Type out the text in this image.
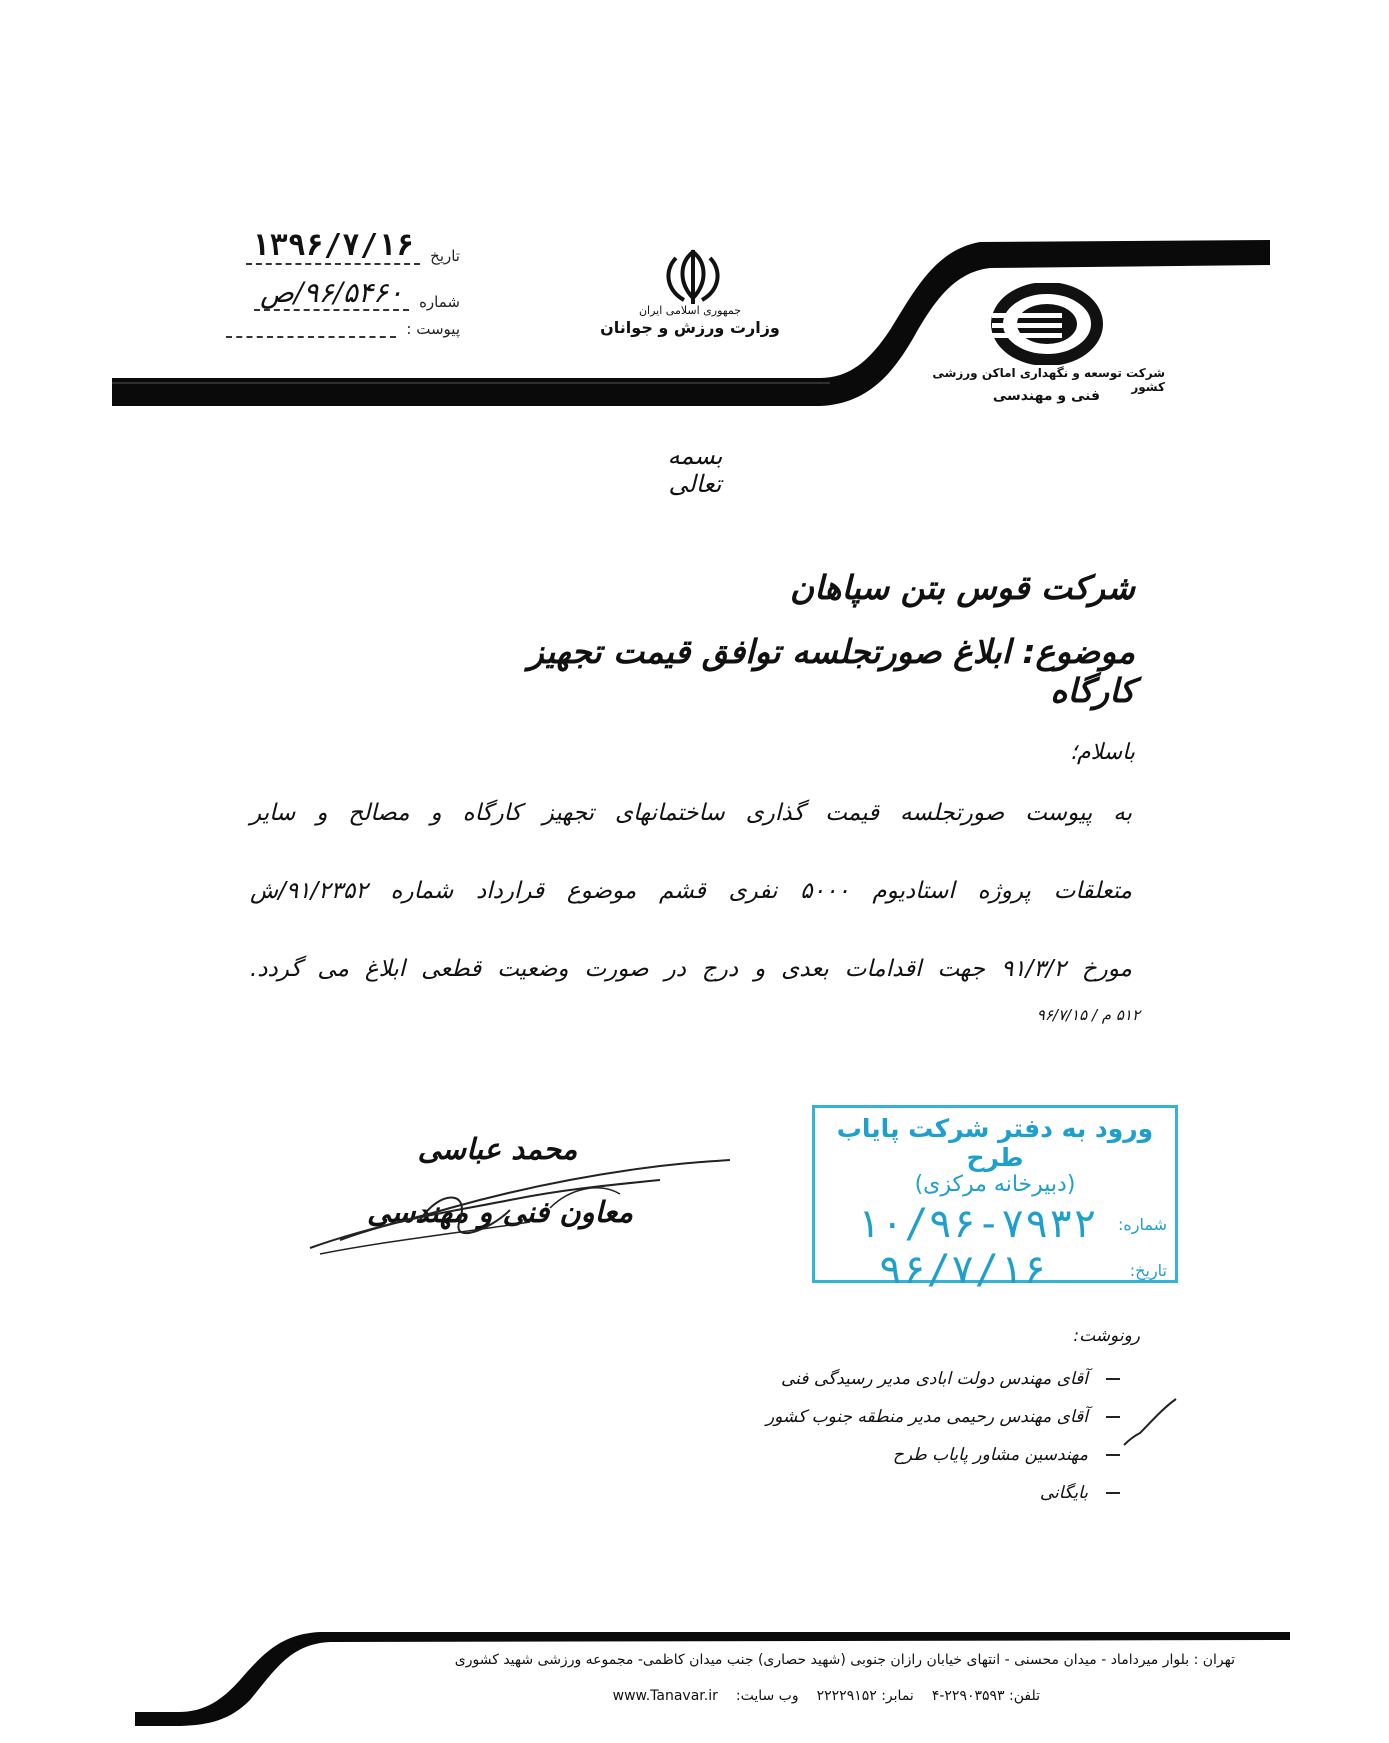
تاریخ
۱۳۹۶/۷/۱۶
شماره
۹۶/۵۴۶۰/ص
پیوست :
جمهوری اسلامی ایران
وزارت ورزش و جوانان
شرکت توسعه و نگهداری اماکن ورزشی کشور
فنی و مهندسی
بسمه تعالی
شرکت قوس بتن سپاهان
موضوع: ابلاغ صورتجلسه توافق قیمت تجهیز کارگاه
باسلام؛
به پیوست صورتجلسه قیمت گذاری ساختمانهای تجهیز کارگاه و مصالح و سایر
متعلقات پروژه استادیوم ۵۰۰۰ نفری قشم موضوع قرارداد شماره ۹۱/۲۳۵۲/ش
مورخ ۹۱/۳/۲ جهت اقدامات بعدی و درج در صورت وضعیت قطعی ابلاغ می گردد.
۵۱۲ م / ۹۶/۷/۱۵
محمد عباسی
معاون فنی و مهندسی
ورود به دفتر شرکت پایاب طرح
(دبیرخانه مرکزی)
شماره:
۱۰/۹۶-۷۹۳۲
تاریخ:
۹۶/۷/۱۶
رونوشت:
آقای مهندس دولت ابادی مدیر رسیدگی فنی
آقای مهندس رحیمی مدیر منطقه جنوب کشور
مهندسین مشاور پایاب طرح
بایگانی
تهران : بلوار میرداماد - میدان محسنی - انتهای خیابان رازان جنوبی (شهید حصاری) جنب میدان کاظمی- مجموعه ورزشی شهید کشوری
تلفن: ۲۲۹۰۳۵۹۳-۴
نمابر: ۲۲۲۲۹۱۵۲
وب سایت:
www.Tanavar.ir
